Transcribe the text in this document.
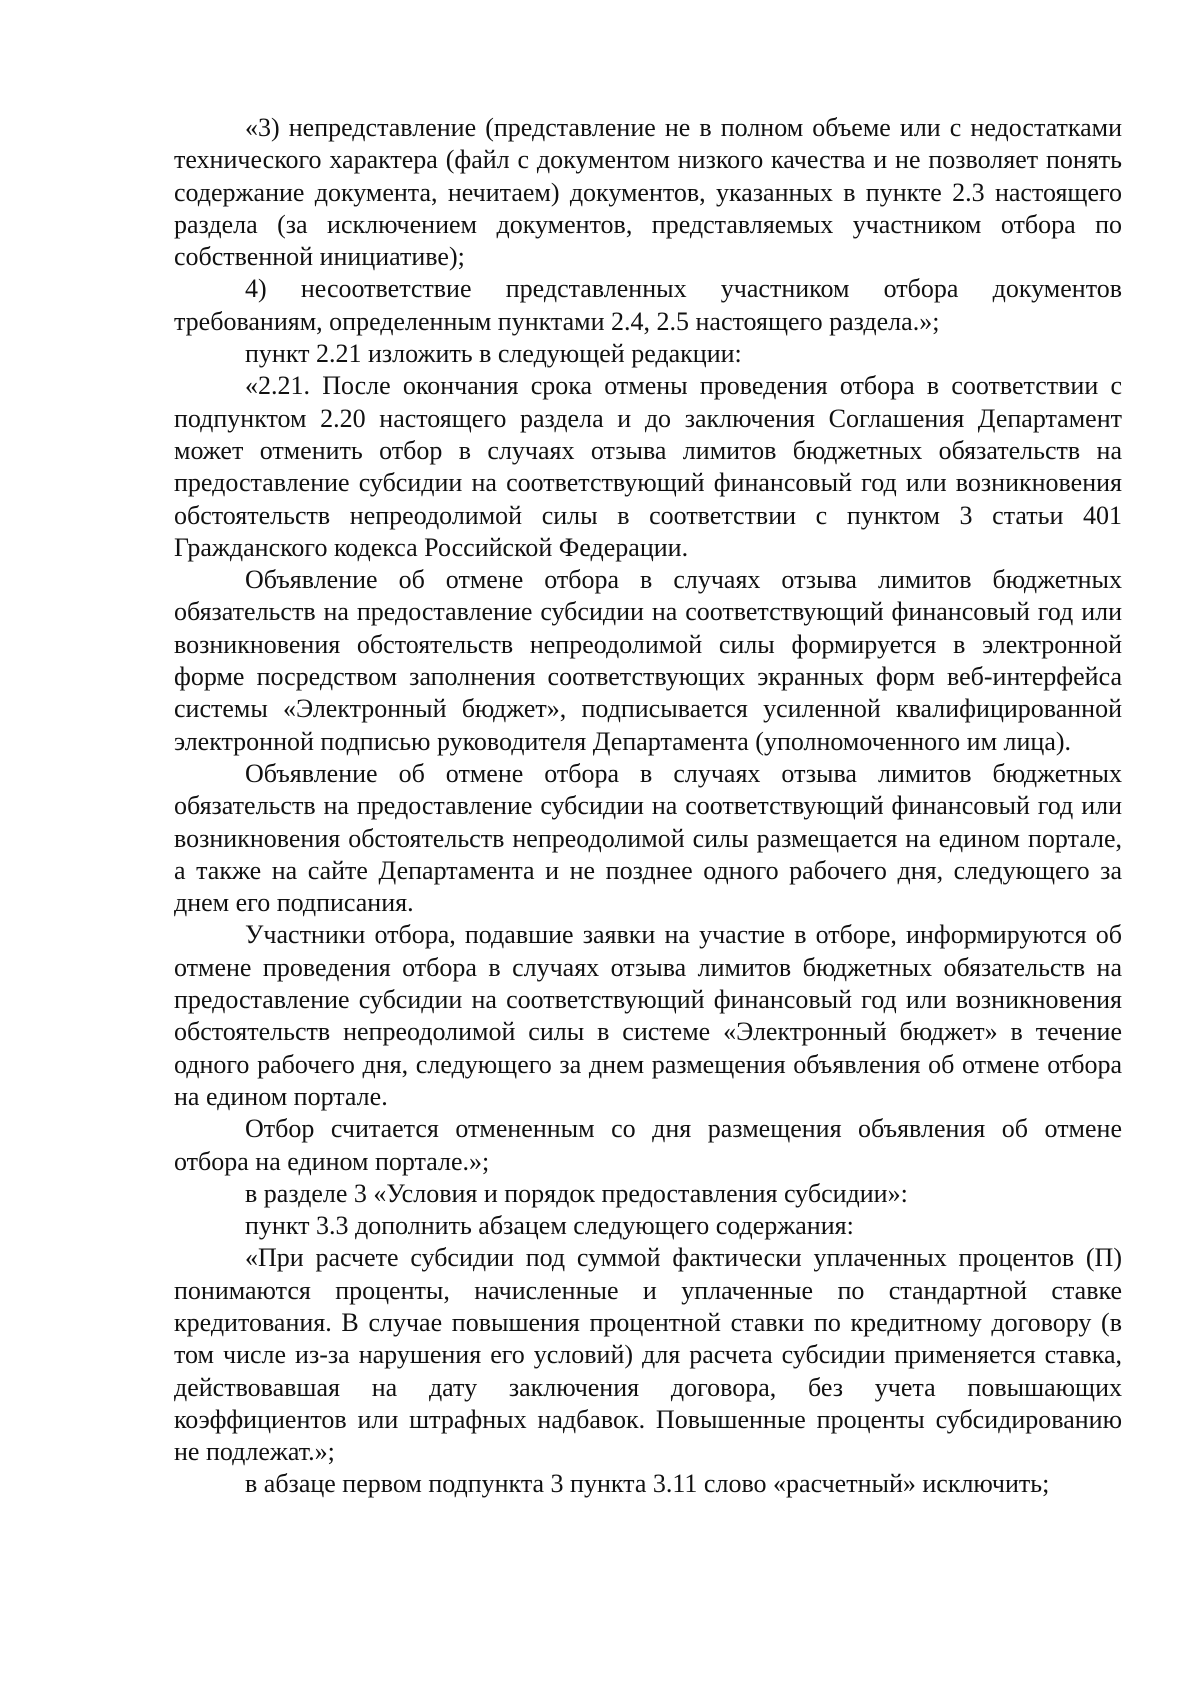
«3) непредставление (представление не в полном объеме или с недостатками технического характера (файл с документом низкого качества и не позволяет понять содержание документа, нечитаем) документов, указанных в пункте 2.3 настоящего раздела (за исключением документов, представляемых участником отбора по собственной инициативе);

4) несоответствие представленных участником отбора документов требованиям, определенным пунктами 2.4, 2.5 настоящего раздела.»;

пункт 2.21 изложить в следующей редакции:

«2.21. После окончания срока отмены проведения отбора в соответствии с подпунктом 2.20 настоящего раздела и до заключения Соглашения Департамент может отменить отбор в случаях отзыва лимитов бюджетных обязательств на предоставление субсидии на соответствующий финансовый год или возникновения обстоятельств непреодолимой силы в соответствии с пунктом 3 статьи 401 Гражданского кодекса Российской Федерации.

Объявление об отмене отбора в случаях отзыва лимитов бюджетных обязательств на предоставление субсидии на соответствующий финансовый год или возникновения обстоятельств непреодолимой силы формируется в электронной форме посредством заполнения соответствующих экранных форм веб-интерфейса системы «Электронный бюджет», подписывается усиленной квалифицированной электронной подписью руководителя Департамента (уполномоченного им лица).

Объявление об отмене отбора в случаях отзыва лимитов бюджетных обязательств на предоставление субсидии на соответствующий финансовый год или возникновения обстоятельств непреодолимой силы размещается на едином портале, а также на сайте Департамента и не позднее одного рабочего дня, следующего за днем его подписания.

Участники отбора, подавшие заявки на участие в отборе, информируются об отмене проведения отбора в случаях отзыва лимитов бюджетных обязательств на предоставление субсидии на соответствующий финансовый год или возникновения обстоятельств непреодолимой силы в системе «Электронный бюджет» в течение одного рабочего дня, следующего за днем размещения объявления об отмене отбора на едином портале.

Отбор считается отмененным со дня размещения объявления об отмене отбора на едином портале.»;

в разделе 3 «Условия и порядок предоставления субсидии»:

пункт 3.3 дополнить абзацем следующего содержания:

«При расчете субсидии под суммой фактически уплаченных процентов (П) понимаются проценты, начисленные и уплаченные по стандартной ставке кредитования. В случае повышения процентной ставки по кредитному договору (в том числе из-за нарушения его условий) для расчета субсидии применяется ставка, действовавшая на дату заключения договора, без учета повышающих коэффициентов или штрафных надбавок. Повышенные проценты субсидированию не подлежат.»;

в абзаце первом подпункта 3 пункта 3.11 слово «расчетный» исключить;
